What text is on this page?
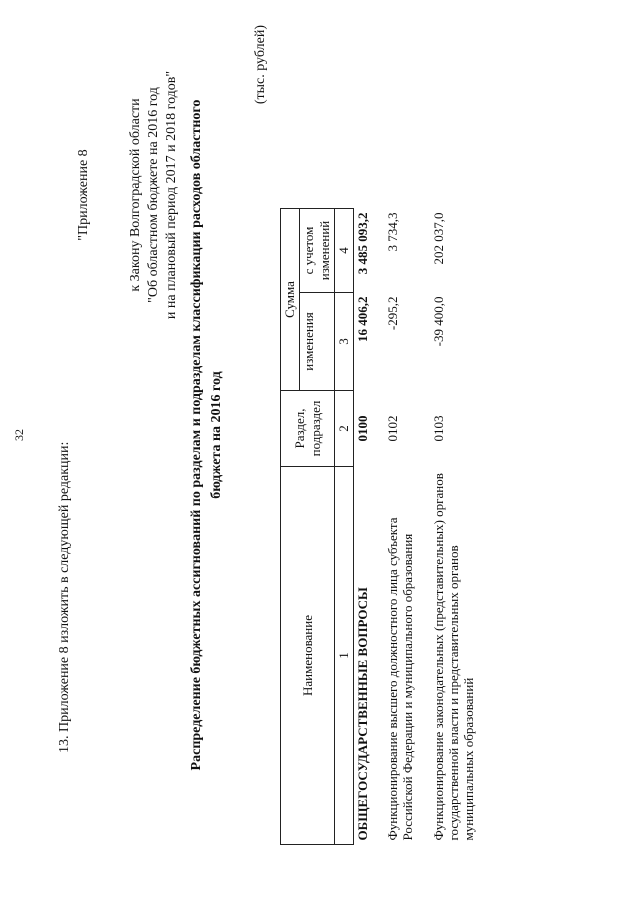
32
13. Приложение 8 изложить в следующей редакции:
"Приложение 8	к Закону Волгоградской области "Об областном бюджете на 2016 год и на плановый период 2017 и 2018 годов" Распределение бюджетных ассигнований по разделам и подразделам классификации расходов областного бюджета на 2016 год
(тыс. рублей)
Наименование	Раздел, подраздел	Сумма	
		изменения	с учетом изменений
1	2	3	4
ОБЩЕГОСУДАРСТВЕННЫЕ ВОПРОСЫ	0100	16 406,2	3 485 093,2
Функционирование высшего должностного лица субъекта Российской Федерации и муниципального образования	0102	-295,2	3 734,3
Функционирование законодательных (представительных) органов государственной власти и представительных органов муниципальных образований	0103	-39 400,0	202 037,0
